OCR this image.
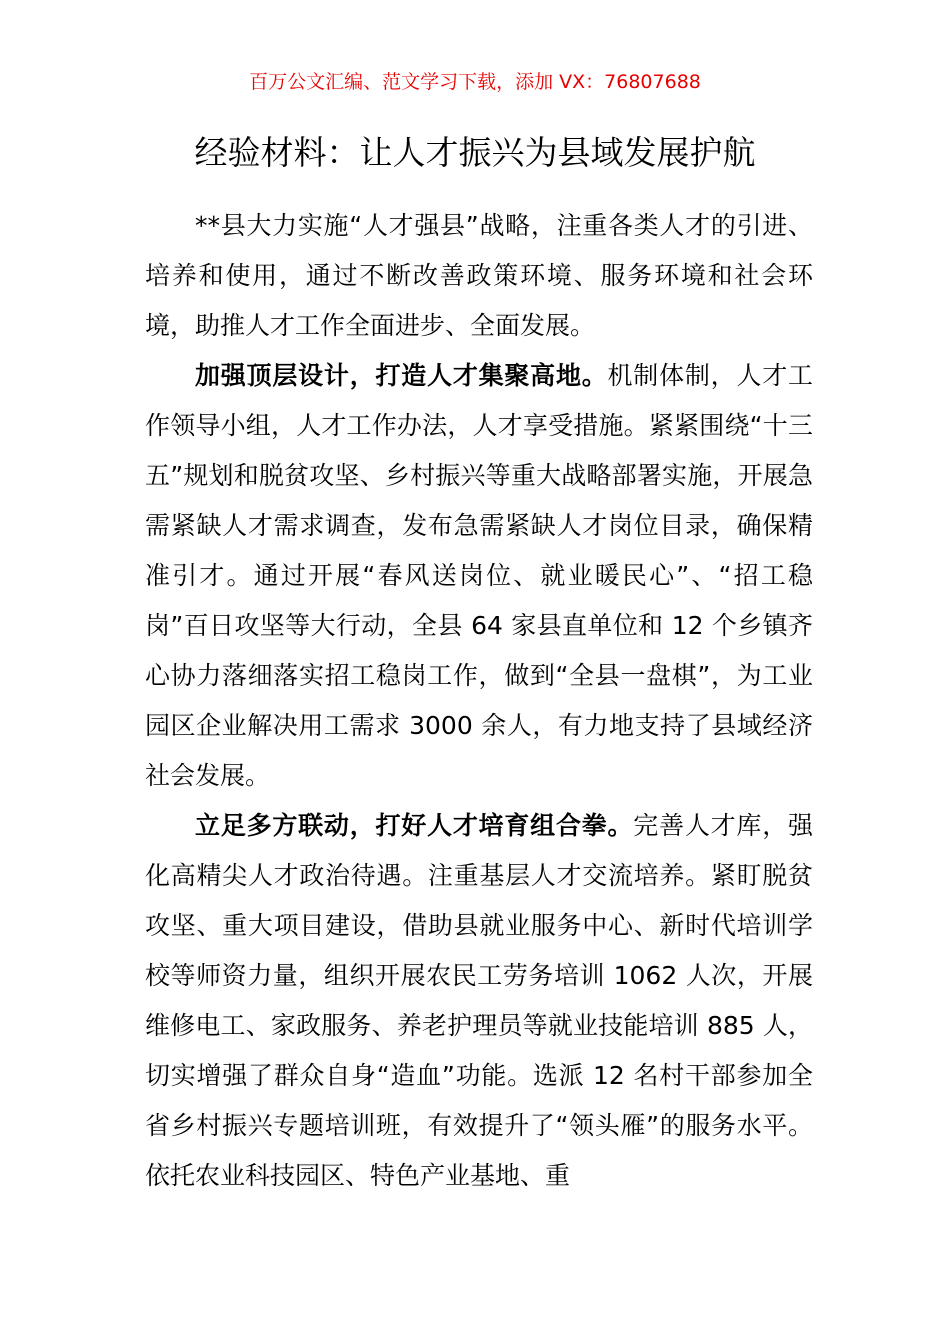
百万公文汇编、范文学习下载，添加 VX：76807688
经验材料：让人才振兴为县域发展护航

**县大力实施“人才强县”战略，注重各类人才的引进、培养和使用，通过不断改善政策环境、服务环境和社会环境，助推人才工作全面进步、全面发展。

加强顶层设计，打造人才集聚高地。机制体制，人才工作领导小组，人才工作办法，人才享受措施。紧紧围绕“十三五”规划和脱贫攻坚、乡村振兴等重大战略部署实施，开展急需紧缺人才需求调查，发布急需紧缺人才岗位目录，确保精准引才。通过开展“春风送岗位、就业暖民心”、“招工稳岗”百日攻坚等大行动，全县 64 家县直单位和 12 个乡镇齐心协力落细落实招工稳岗工作，做到“全县一盘棋”，为工业园区企业解决用工需求 3000 余人，有力地支持了县域经济社会发展。

立足多方联动，打好人才培育组合拳。完善人才库，强化高精尖人才政治待遇。注重基层人才交流培养。紧盯脱贫攻坚、重大项目建设，借助县就业服务中心、新时代培训学校等师资力量，组织开展农民工劳务培训 1062 人次，开展维修电工、家政服务、养老护理员等就业技能培训 885 人，切实增强了群众自身“造血”功能。选派 12 名村干部参加全省乡村振兴专题培训班，有效提升了“领头雁”的服务水平。依托农业科技园区、特色产业基地、重
